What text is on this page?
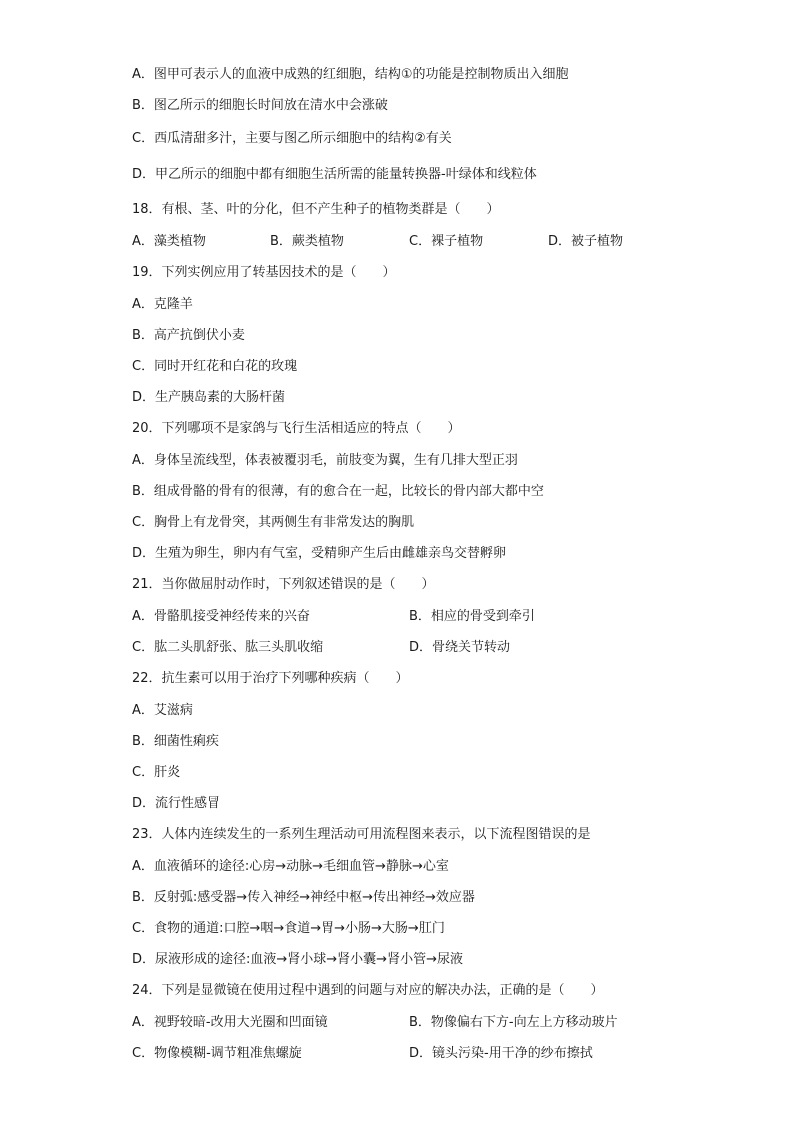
A．图甲可表示人的血液中成熟的红细胞，结构①的功能是控制物质出入细胞
B．图乙所示的细胞长时间放在清水中会涨破
C．西瓜清甜多汁，主要与图乙所示细胞中的结构②有关
D．甲乙所示的细胞中都有细胞生活所需的能量转换器-叶绿体和线粒体
18．有根、茎、叶的分化，但不产生种子的植物类群是（　　）
A．藻类植物	B．蕨类植物	C．裸子植物	D．被子植物
19．下列实例应用了转基因技术的是（　　）
A．克隆羊
B．高产抗倒伏小麦
C．同时开红花和白花的玫瑰
D．生产胰岛素的大肠杆菌
20．下列哪项不是家鸽与飞行生活相适应的特点（　　）
A．身体呈流线型，体表被覆羽毛，前肢变为翼，生有几排大型正羽
B．组成骨骼的骨有的很薄，有的愈合在一起，比较长的骨内部大都中空
C．胸骨上有龙骨突，其两侧生有非常发达的胸肌
D．生殖为卵生，卵内有气室，受精卵产生后由雌雄亲鸟交替孵卵
21．当你做屈肘动作时，下列叙述错误的是（　　）
A．骨骼肌接受神经传来的兴奋	B．相应的骨受到牵引
C．肱二头肌舒张、肱三头肌收缩	D．骨绕关节转动
22．抗生素可以用于治疗下列哪种疾病（　　）
A．艾滋病
B．细菌性痢疾
C．肝炎
D．流行性感冒
23．人体内连续发生的一系列生理活动可用流程图来表示，以下流程图错误的是
A．血液循环的途径:心房→动脉→毛细血管→静脉→心室
B．反射弧:感受器→传入神经→神经中枢→传出神经→效应器
C．食物的通道:口腔→咽→食道→胃→小肠→大肠→肛门
D．尿液形成的途径:血液→肾小球→肾小囊→肾小管→尿液
24．下列是显微镜在使用过程中遇到的问题与对应的解决办法，正确的是（　　）
A．视野较暗-改用大光圈和凹面镜	B．物像偏右下方-向左上方移动玻片
C．物像模糊-调节粗准焦螺旋	D．镜头污染-用干净的纱布擦拭
